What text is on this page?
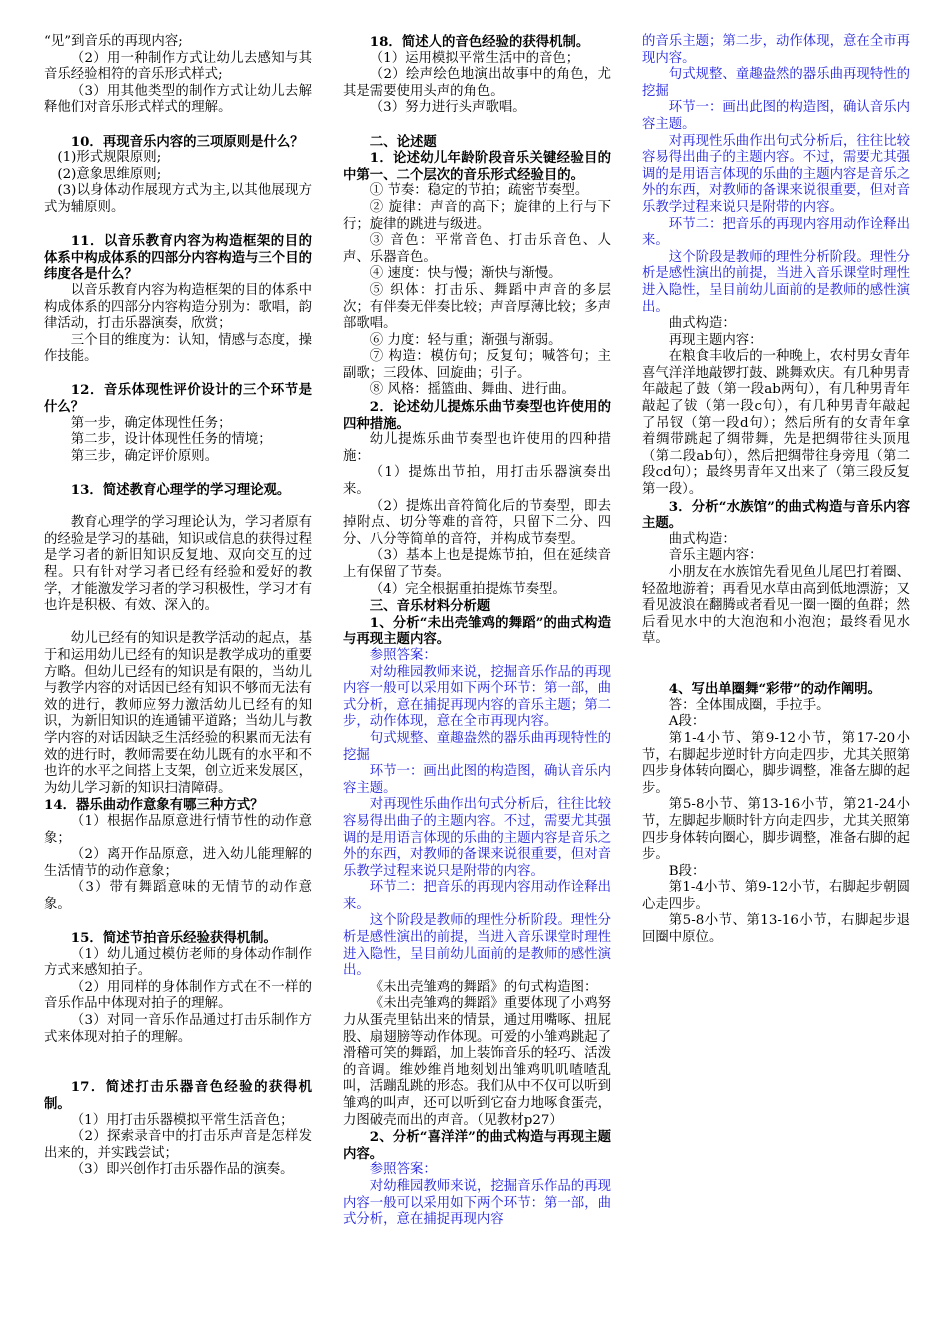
“见”到音乐的再现内容;

（2）用一种制作方式让幼儿去感知与其音乐经验相符的音乐形式样式;

（3）用其他类型的制作方式让幼儿去解释他们对音乐形式样式的理解。

10．再现音乐内容的三项原则是什么？

(1)形式规限原则;

(2)意象思维原则;

(3)以身体动作展现方式为主,以其他展现方式为辅原则。

11．以音乐教育内容为构造框架的目的体系中构成体系的四部分内容构造与三个目的纬度各是什么？

以音乐教育内容为构造框架的目的体系中构成体系的四部分内容构造分别为：歌唱，韵律活动，打击乐器演奏，欣赏；

三个目的维度为：认知，情感与态度，操作技能。

12．音乐体现性评价设计的三个环节是什么？

第一步，确定体现性任务；

第二步，设计体现性任务的情境；

第三步，确定评价原则。

13．简述教育心理学的学习理论观。

教育心理学的学习理论认为，学习者原有的经验是学习的基础，知识或信息的获得过程是学习者的新旧知识反复地、双向交互的过程。只有针对学习者已经有经验和爱好的教学，才能激发学习者的学习积极性，学习才有也许是积极、有效、深入的。

幼儿已经有的知识是教学活动的起点，基于和运用幼儿已经有的知识是教学成功的重要方略。但幼儿已经有的知识是有限的，当幼儿与教学内容的对话因已经有知识不够而无法有效的进行，教师应努力激活幼儿已经有的知识，为新旧知识的连通铺平道路；当幼儿与教学内容的对话因缺乏生活经验的积累而无法有效的进行时，教师需要在幼儿既有的水平和不也许的水平之间搭上支架，创立近来发展区，为幼儿学习新的知识扫清障碍。

14．器乐曲动作意象有哪三种方式？

（1）根据作品原意进行情节性的动作意象；

（2）离开作品原意，进入幼儿能理解的生活情节的动作意象；

（3）带有舞蹈意味的无情节的动作意象。

15．简述节拍音乐经验获得机制。

（1）幼儿通过模仿老师的身体动作制作方式来感知拍子。

（2）用同样的身体制作方式在不一样的音乐作品中体现对拍子的理解。

（3）对同一音乐作品通过打击乐制作方式来体现对拍子的理解。

17．简述打击乐器音色经验的获得机制。

（1）用打击乐器模拟平常生活音色；

（2）探索录音中的打击乐声音是怎样发出来的，并实践尝试；

（3）即兴创作打击乐器作品的演奏。

18．简述人的音色经验的获得机制。

（1）运用模拟平常生活中的音色；

（2）绘声绘色地演出故事中的角色，尤其是需要使用头声的角色。

（3）努力进行头声歌唱。

二、论述题

1．论述幼儿年龄阶段音乐关键经验目的中第一、二个层次的音乐形式经验目的。

① 节奏：稳定的节拍；疏密节奏型。

② 旋律：声音的高下；旋律的上行与下行；旋律的跳进与级进。

③ 音色：平常音色、打击乐音色、人声、乐器音色。

④ 速度：快与慢；渐快与渐慢。

⑤ 织体：打击乐、舞蹈中声音的多层次；有伴奏无伴奏比较；声音厚薄比较；多声部歌唱。

⑥ 力度：轻与重；渐强与渐弱。

⑦ 构造：模仿句；反复句；喊答句；主副歌；三段体、回旋曲；引子。

⑧ 风格：摇篮曲、舞曲、进行曲。

2．论述幼儿提炼乐曲节奏型也许使用的四种措施。

幼儿提炼乐曲节奏型也许使用的四种措施：

（1）提炼出节拍，用打击乐器演奏出来。

（2）提炼出音符简化后的节奏型，即去掉附点、切分等难的音符，只留下二分、四分、八分等简单的音符，并构成节奏型。

（3）基本上也是提炼节拍，但在延续音上有保留了节奏。

（4）完全根据重拍提炼节奏型。

三、音乐材料分析题

1、分析“未出壳雏鸡的舞蹈”的曲式构造与再现主题内容。

参照答案：

对幼稚园教师来说，挖掘音乐作品的再现内容一般可以采用如下两个环节：第一部，曲式分析，意在捕捉再现内容的音乐主题；第二步，动作体现，意在全市再现内容。

句式规整、童趣盎然的器乐曲再现特性的挖掘

环节一：画出此图的构造图，确认音乐内容主题。

对再现性乐曲作出句式分析后，往往比较容易得出曲子的主题内容。不过，需要尤其强调的是用语言体现的乐曲的主题内容是音乐之外的东西，对教师的备课来说很重要，但对音乐教学过程来说只是附带的内容。

环节二：把音乐的再现内容用动作诠释出来。

这个阶段是教师的理性分析阶段。理性分析是感性演出的前提，当进入音乐课堂时理性进入隐性，呈目前幼儿面前的是教师的感性演出。

《未出壳雏鸡的舞蹈》的句式构造图：

《未出壳雏鸡的舞蹈》重要体现了小鸡努力从蛋壳里钻出来的情景，通过用嘴啄、扭屁股、扇翅膀等动作体现。可爱的小雏鸡跳起了滑稽可笑的舞蹈，加上装饰音乐的轻巧、活泼的音调。维妙维肖地刻划出雏鸡叽叽喳喳乱叫，活蹦乱跳的形态。我们从中不仅可以听到雏鸡的叫声，还可以听到它奋力地啄食蛋壳，力图破壳而出的声音。（见教材p27）

2、分析“喜洋洋”的曲式构造与再现主题内容。

参照答案：

对幼稚园教师来说，挖掘音乐作品的再现内容一般可以采用如下两个环节：第一部，曲式分析，意在捕捉再现内容

的音乐主题；第二步，动作体现，意在全市再现内容。

句式规整、童趣盎然的器乐曲再现特性的挖掘

环节一：画出此图的构造图，确认音乐内容主题。

对再现性乐曲作出句式分析后，往往比较容易得出曲子的主题内容。不过，需要尤其强调的是用语言体现的乐曲的主题内容是音乐之外的东西，对教师的备课来说很重要，但对音乐教学过程来说只是附带的内容。

环节二：把音乐的再现内容用动作诠释出来。

这个阶段是教师的理性分析阶段。理性分析是感性演出的前提，当进入音乐课堂时理性进入隐性，呈目前幼儿面前的是教师的感性演出。

曲式构造：

再现主题内容：

在粮食丰收后的一种晚上，农村男女青年喜气洋洋地敲锣打鼓、跳舞欢庆。有几种男青年敲起了鼓（第一段ab两句），有几种男青年敲起了钹（第一段c句），有几种男青年敲起了吊钗（第一段d句）；然后所有的女青年拿着绸带跳起了绸带舞，先是把绸带往头顶甩（第二段ab句），然后把绸带往身旁甩（第二段cd句）；最终男青年又出来了（第三段反复第一段）。

3．分析“水族馆”的曲式构造与音乐内容主题。

曲式构造：

音乐主题内容：

小朋友在水族馆先看见鱼儿尾巴打着圈、轻盈地游着；再看见水草由高到低地漂游；又看见波浪在翻腾或者看见一圈一圈的鱼群；然后看见水中的大泡泡和小泡泡；最终看见水草。

4、写出单圈舞“彩带”的动作阐明。

答：全体围成圈，手拉手。

A段：

第1-4小节、第9-12小节，第17-20小节，右脚起步逆时针方向走四步，尤其关照第四步身体转向圈心，脚步调整，准备左脚的起步。

第5-8小节、第13-16小节，第21-24小节，左脚起步顺时针方向走四步，尤其关照第四步身体转向圈心，脚步调整，准备右脚的起步。

B段：

第1-4小节、第9-12小节，右脚起步朝圆心走四步。

第5-8小节、第13-16小节，右脚起步退回圈中原位。
